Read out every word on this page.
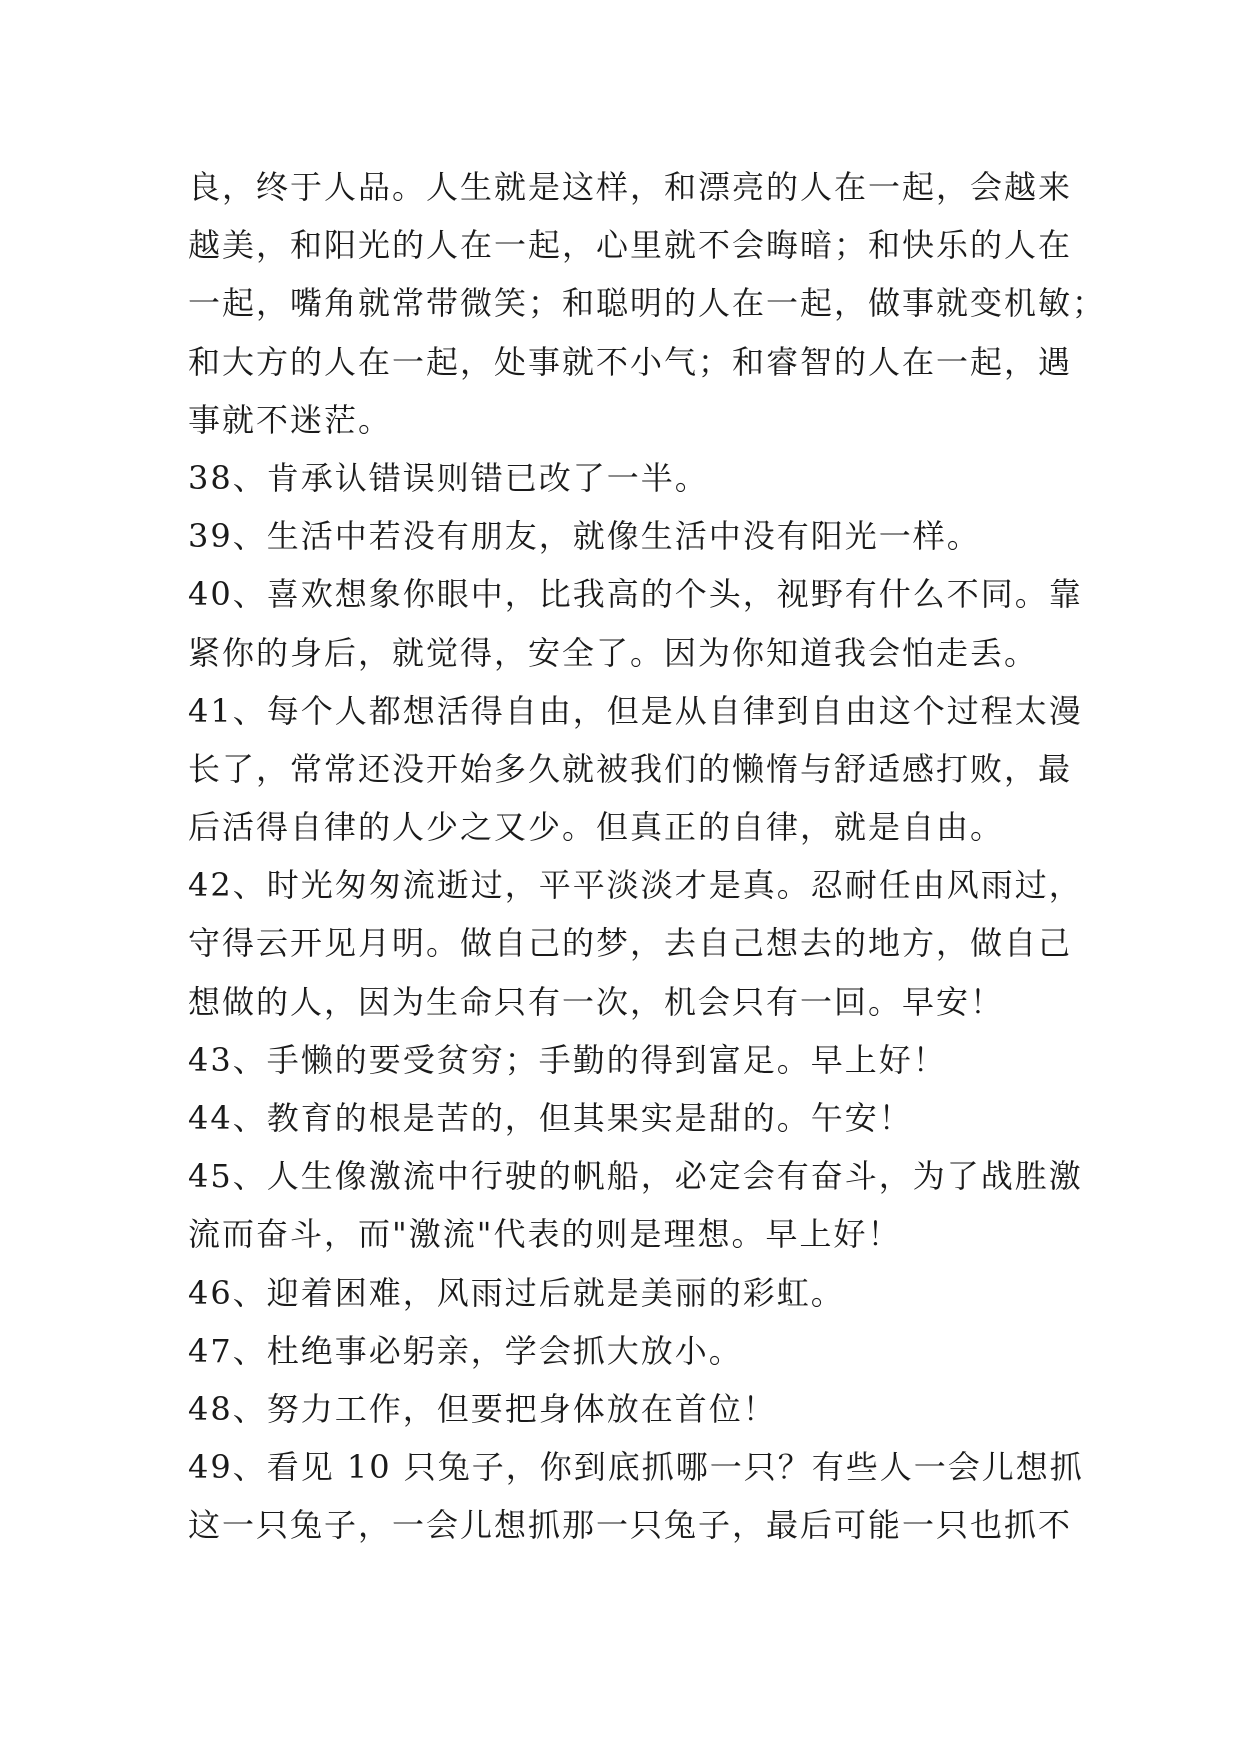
良，终于人品。人生就是这样，和漂亮的人在一起，会越来
越美，和阳光的人在一起，心里就不会晦暗；和快乐的人在
一起，嘴角就常带微笑；和聪明的人在一起，做事就变机敏；
和大方的人在一起，处事就不小气；和睿智的人在一起，遇
事就不迷茫。
38、肯承认错误则错已改了一半。
39、生活中若没有朋友，就像生活中没有阳光一样。
40、喜欢想象你眼中，比我高的个头，视野有什么不同。靠
紧你的身后，就觉得，安全了。因为你知道我会怕走丢。
41、每个人都想活得自由，但是从自律到自由这个过程太漫
长了，常常还没开始多久就被我们的懒惰与舒适感打败，最
后活得自律的人少之又少。但真正的自律，就是自由。
42、时光匆匆流逝过，平平淡淡才是真。忍耐任由风雨过，
守得云开见月明。做自己的梦，去自己想去的地方，做自己
想做的人，因为生命只有一次，机会只有一回。早安！
43、手懒的要受贫穷；手勤的得到富足。早上好！
44、教育的根是苦的，但其果实是甜的。午安！
45、人生像激流中行驶的帆船，必定会有奋斗，为了战胜激
流而奋斗，而"激流"代表的则是理想。早上好！
46、迎着困难，风雨过后就是美丽的彩虹。
47、杜绝事必躬亲，学会抓大放小。
48、努力工作，但要把身体放在首位！
49、看见 10 只兔子，你到底抓哪一只？有些人一会儿想抓
这一只兔子，一会儿想抓那一只兔子，最后可能一只也抓不
